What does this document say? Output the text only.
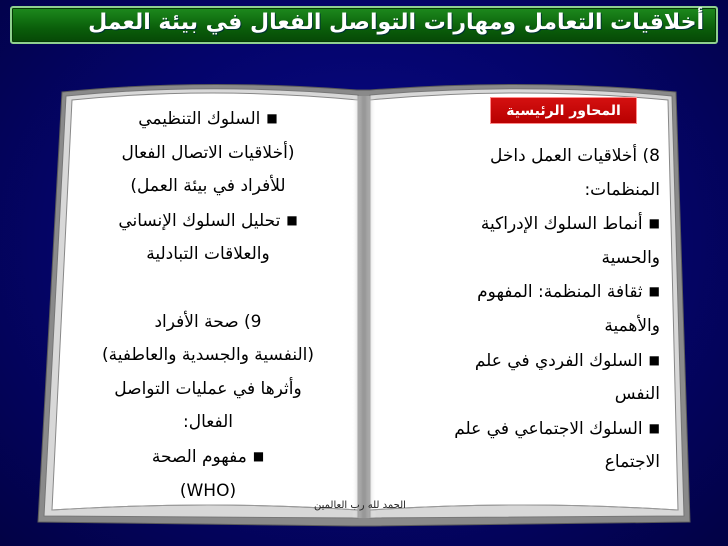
أخلاقيات التعامل ومهارات التواصل الفعال في بيئة العمل
المحاور الرئيسية
■السلوك التنظيمي
(أخلاقيات الاتصال الفعال
للأفراد في بيئة العمل)
■تحليل السلوك الإنساني
والعلاقات التبادلية

9) صحة الأفراد
(النفسية والجسدية والعاطفية)
وأثرها في عمليات التواصل
الفعال:
■مفهوم الصحة
(WHO)
8) أخلاقيات العمل داخل
المنظمات:
■أنماط السلوك الإدراكية
والحسية
■ثقافة المنظمة: المفهوم
والأهمية
■السلوك الفردي في علم
النفس
■السلوك الاجتماعي في علم
الاجتماع
الحمد لله رب العالمين
